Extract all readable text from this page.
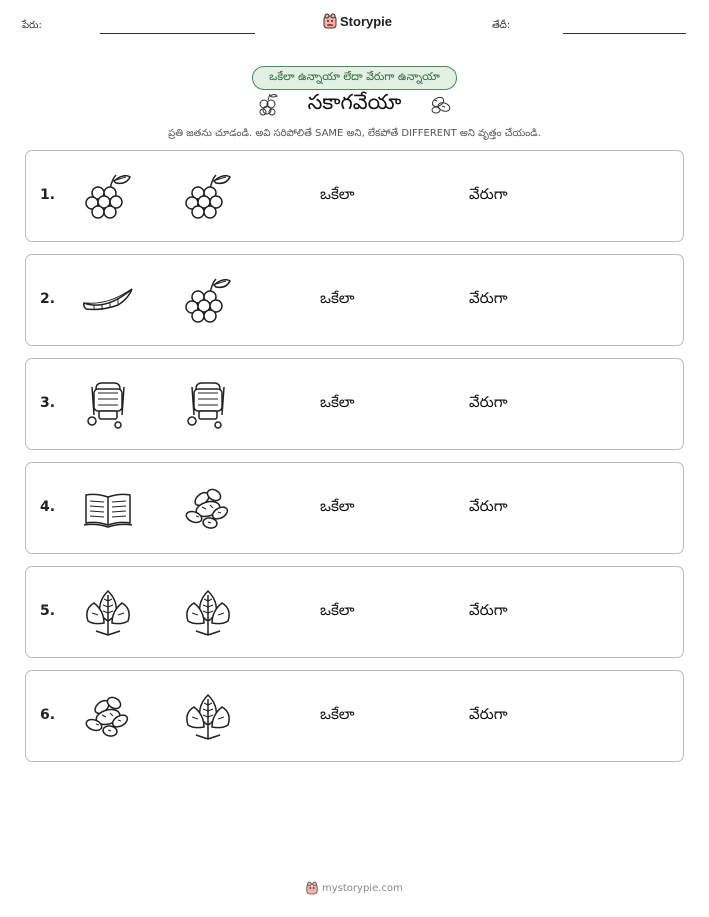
పేరు:	Storypie	తేదీ:
ఒకేలా ఉన్నాయా లేదా వేరుగా ఉన్నాయా
సకాగవేయా
ప్రతి జతను చూడండి. అవి సరిపోలితే SAME అని, లేకపోతే DIFFERENT అని వృత్తం చేయండి.
1.	ఒకేలా	వేరుగా
2.	ఒకేలా	వేరుగా
3.	ఒకేలా	వేరుగా
4.	ఒకేలా	వేరుగా
5.	ఒకేలా	వేరుగా
6.	ఒకేలా	వేరుగా
mystorypie.com
